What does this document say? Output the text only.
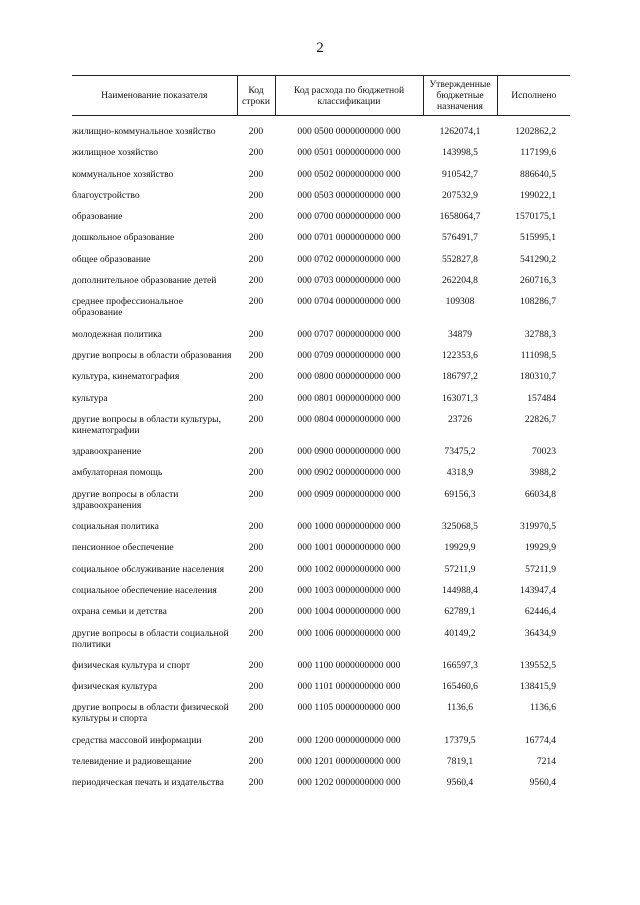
2
Наименование показателя	Код строки	Код расхода по бюджетной классификации	Утвержденные бюджетные назначения	Исполнено

жилищно-коммунальное хозяйство	200	000 0500 0000000000 000	1262074,1	1202862,2
жилищное хозяйство	200	000 0501 0000000000 000	143998,5	117199,6
коммунальное хозяйство	200	000 0502 0000000000 000	910542,7	886640,5
благоустройство	200	000 0503 0000000000 000	207532,9	199022,1
образование	200	000 0700 0000000000 000	1658064,7	1570175,1
дошкольное образование	200	000 0701 0000000000 000	576491,7	515995,1
общее образование	200	000 0702 0000000000 000	552827,8	541290,2
дополнительное образование детей	200	000 0703 0000000000 000	262204,8	260716,3
среднее профессиональное образование	200	000 0704 0000000000 000	109308	108286,7
молодежная политика	200	000 0707 0000000000 000	34879	32788,3
другие вопросы в области образования	200	000 0709 0000000000 000	122353,6	111098,5
культура, кинематография	200	000 0800 0000000000 000	186797,2	180310,7
культура	200	000 0801 0000000000 000	163071,3	157484
другие вопросы в области культуры, кинематографии	200	000 0804 0000000000 000	23726	22826,7
здравоохранение	200	000 0900 0000000000 000	73475,2	70023
амбулаторная помощь	200	000 0902 0000000000 000	4318,9	3988,2
другие вопросы в области здравоохранения	200	000 0909 0000000000 000	69156,3	66034,8
социальная политика	200	000 1000 0000000000 000	325068,5	319970,5
пенсионное обеспечение	200	000 1001 0000000000 000	19929,9	19929,9
социальное обслуживание населения	200	000 1002 0000000000 000	57211,9	57211,9
социальное обеспечение населения	200	000 1003 0000000000 000	144988,4	143947,4
охрана семьи и детства	200	000 1004 0000000000 000	62789,1	62446,4
другие вопросы в области социальной политики	200	000 1006 0000000000 000	40149,2	36434,9
физическая культура и спорт	200	000 1100 0000000000 000	166597,3	139552,5
физическая культура	200	000 1101 0000000000 000	165460,6	138415,9
другие вопросы в области физической культуры и спорта	200	000 1105 0000000000 000	1136,6	1136,6
средства массовой информации	200	000 1200 0000000000 000	17379,5	16774,4
телевидение и радиовещание	200	000 1201 0000000000 000	7819,1	7214
периодическая печать и издательства	200	000 1202 0000000000 000	9560,4	9560,4
